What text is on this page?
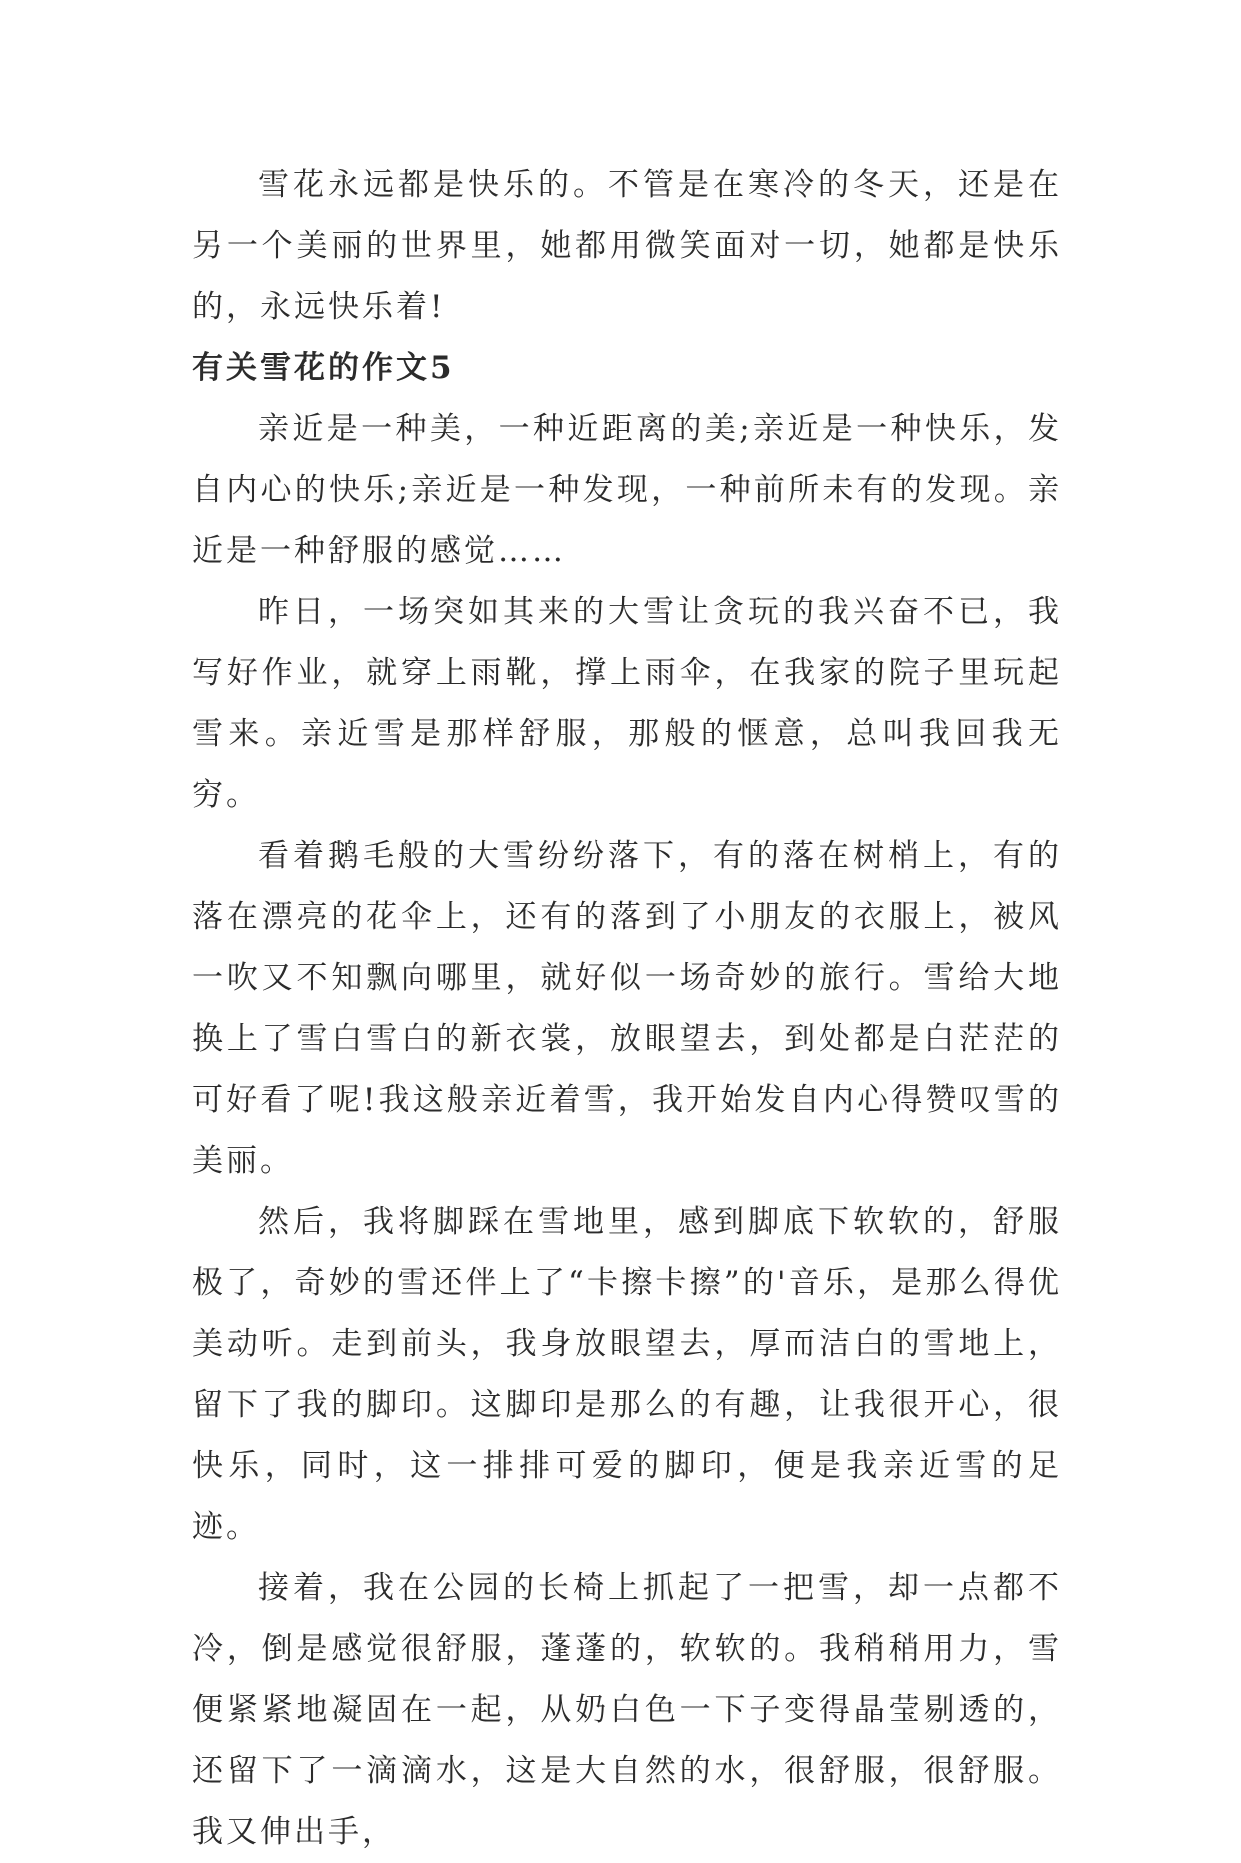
雪花永远都是快乐的。不管是在寒冷的冬天，还是在另一个美丽的世界里，她都用微笑面对一切，她都是快乐的，永远快乐着!

有关雪花的作文5

亲近是一种美，一种近距离的美;亲近是一种快乐，发自内心的快乐;亲近是一种发现，一种前所未有的发现。亲近是一种舒服的感觉……

昨日，一场突如其来的大雪让贪玩的我兴奋不已，我写好作业，就穿上雨靴，撑上雨伞，在我家的院子里玩起雪来。亲近雪是那样舒服，那般的惬意，总叫我回我无穷。

看着鹅毛般的大雪纷纷落下，有的落在树梢上，有的落在漂亮的花伞上，还有的落到了小朋友的衣服上，被风一吹又不知飘向哪里，就好似一场奇妙的旅行。雪给大地换上了雪白雪白的新衣裳，放眼望去，到处都是白茫茫的可好看了呢!我这般亲近着雪，我开始发自内心得赞叹雪的美丽。

然后，我将脚踩在雪地里，感到脚底下软软的，舒服极了，奇妙的雪还伴上了“卡擦卡擦”的'音乐，是那么得优美动听。走到前头，我身放眼望去，厚而洁白的雪地上，留下了我的脚印。这脚印是那么的有趣，让我很开心，很快乐，同时，这一排排可爱的脚印，便是我亲近雪的足迹。

接着，我在公园的长椅上抓起了一把雪，却一点都不冷，倒是感觉很舒服，蓬蓬的，软软的。我稍稍用力，雪便紧紧地凝固在一起，从奶白色一下子变得晶莹剔透的，还留下了一滴滴水，这是大自然的水，很舒服，很舒服。我又伸出手，
